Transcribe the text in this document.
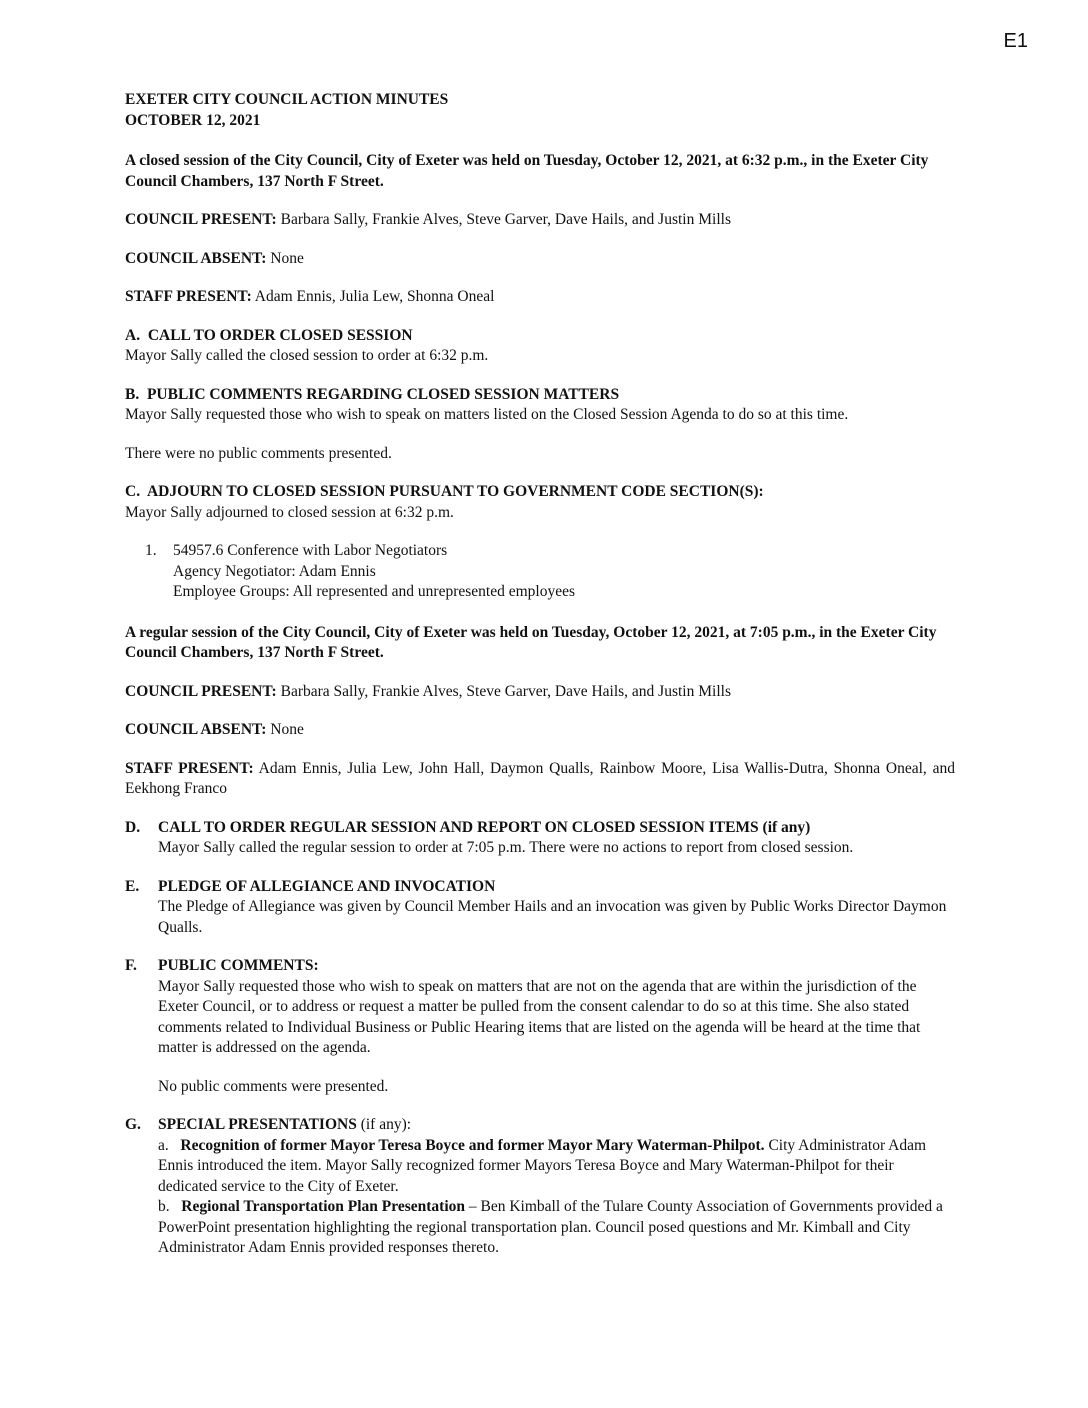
E1

EXETER CITY COUNCIL ACTION MINUTES
OCTOBER 12, 2021

A closed session of the City Council, City of Exeter was held on Tuesday, October 12, 2021, at 6:32 p.m., in the Exeter City Council Chambers, 137 North F Street.

COUNCIL PRESENT: Barbara Sally, Frankie Alves, Steve Garver, Dave Hails, and Justin Mills

COUNCIL ABSENT: None

STAFF PRESENT: Adam Ennis, Julia Lew, Shonna Oneal

A. CALL TO ORDER CLOSED SESSION

Mayor Sally called the closed session to order at 6:32 p.m.

B. PUBLIC COMMENTS REGARDING CLOSED SESSION MATTERS

Mayor Sally requested those who wish to speak on matters listed on the Closed Session Agenda to do so at this time.

There were no public comments presented.

C. ADJOURN TO CLOSED SESSION PURSUANT TO GOVERNMENT CODE SECTION(S):

Mayor Sally adjourned to closed session at 6:32 p.m.

1. 54957.6 Conference with Labor Negotiators

Agency Negotiator: Adam Ennis

Employee Groups: All represented and unrepresented employees

A regular session of the City Council, City of Exeter was held on Tuesday, October 12, 2021, at 7:05 p.m., in the Exeter City Council Chambers, 137 North F Street.

COUNCIL PRESENT: Barbara Sally, Frankie Alves, Steve Garver, Dave Hails, and Justin Mills

COUNCIL ABSENT: None

STAFF PRESENT: Adam Ennis, Julia Lew, John Hall, Daymon Qualls, Rainbow Moore, Lisa Wallis-Dutra, Shonna Oneal, and Eekhong Franco

D. CALL TO ORDER REGULAR SESSION AND REPORT ON CLOSED SESSION ITEMS (if any)

Mayor Sally called the regular session to order at 7:05 p.m. There were no actions to report from closed session.

E. PLEDGE OF ALLEGIANCE AND INVOCATION

The Pledge of Allegiance was given by Council Member Hails and an invocation was given by Public Works Director Daymon Qualls.

F. PUBLIC COMMENTS:

Mayor Sally requested those who wish to speak on matters that are not on the agenda that are within the jurisdiction of the Exeter Council, or to address or request a matter be pulled from the consent calendar to do so at this time. She also stated comments related to Individual Business or Public Hearing items that are listed on the agenda will be heard at the time that matter is addressed on the agenda.

No public comments were presented.

G. SPECIAL PRESENTATIONS (if any):

a. Recognition of former Mayor Teresa Boyce and former Mayor Mary Waterman-Philpot. City Administrator Adam Ennis introduced the item. Mayor Sally recognized former Mayors Teresa Boyce and Mary Waterman-Philpot for their dedicated service to the City of Exeter.

b. Regional Transportation Plan Presentation – Ben Kimball of the Tulare County Association of Governments provided a PowerPoint presentation highlighting the regional transportation plan. Council posed questions and Mr. Kimball and City Administrator Adam Ennis provided responses thereto.
